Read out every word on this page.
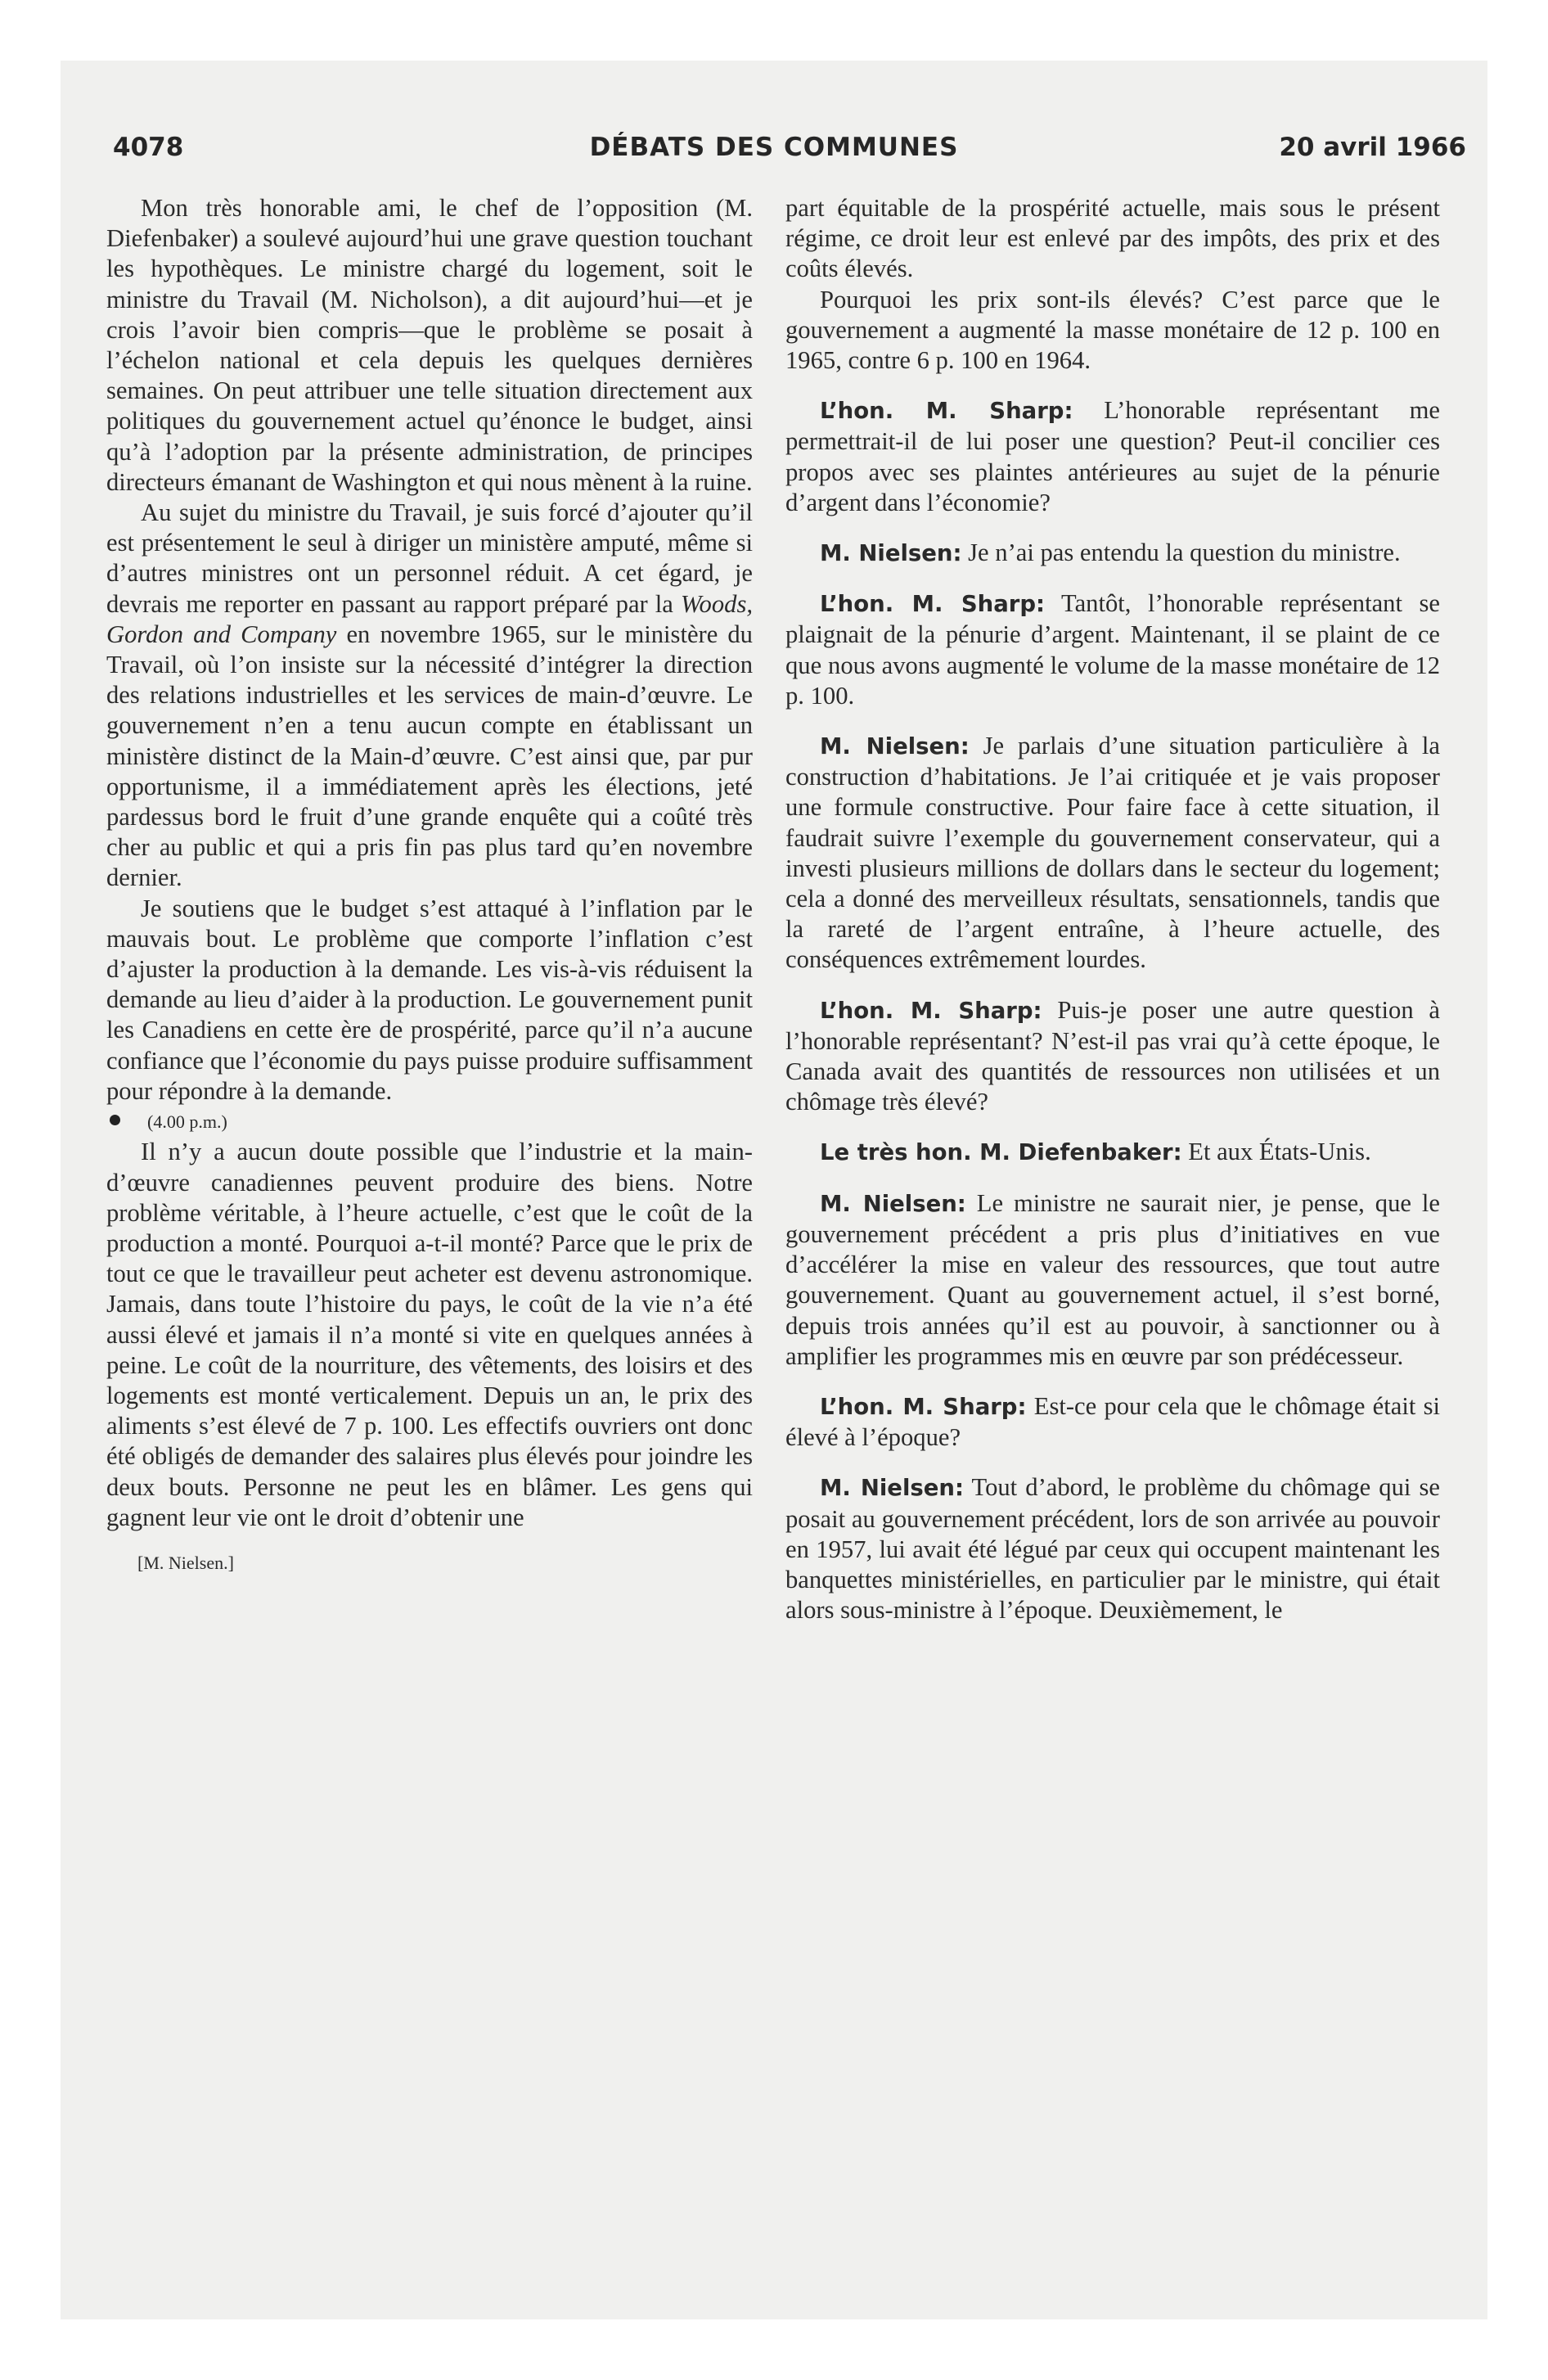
4078	DÉBATS DES COMMUNES	20 avril 1966

Mon très honorable ami, le chef de l’opposition (M. Diefenbaker) a soulevé aujourd’hui une grave question touchant les hypothèques. Le ministre chargé du logement, soit le ministre du Travail (M. Nicholson), a dit aujourd’hui—et je crois l’avoir bien compris—que le problème se posait à l’échelon national et cela depuis les quelques dernières semaines. On peut attribuer une telle situation directement aux politiques du gouvernement actuel qu’énonce le budget, ainsi qu’à l’adoption par la présente administration, de principes directeurs émanant de Washington et qui nous mènent à la ruine.

Au sujet du ministre du Travail, je suis forcé d’ajouter qu’il est présentement le seul à diriger un ministère amputé, même si d’autres ministres ont un personnel réduit. A cet égard, je devrais me reporter en passant au rapport préparé par la Woods, Gordon and Company en novembre 1965, sur le ministère du Travail, où l’on insiste sur la nécessité d’intégrer la direction des relations industrielles et les services de main-d’œuvre. Le gouvernement n’en a tenu aucun compte en établissant un ministère distinct de la Main-d’œuvre. C’est ainsi que, par pur opportunisme, il a immédiatement après les élections, jeté pardessus bord le fruit d’une grande enquête qui a coûté très cher au public et qui a pris fin pas plus tard qu’en novembre dernier.

Je soutiens que le budget s’est attaqué à l’inflation par le mauvais bout. Le problème que comporte l’inflation c’est d’ajuster la production à la demande. Les vis-à-vis réduisent la demande au lieu d’aider à la production. Le gouvernement punit les Canadiens en cette ère de prospérité, parce qu’il n’a aucune confiance que l’économie du pays puisse produire suffisamment pour répondre à la demande.

(4.00 p.m.)

Il n’y a aucun doute possible que l’industrie et la main-d’œuvre canadiennes peuvent produire des biens. Notre problème véritable, à l’heure actuelle, c’est que le coût de la production a monté. Pourquoi a-t-il monté? Parce que le prix de tout ce que le travailleur peut acheter est devenu astronomique. Jamais, dans toute l’histoire du pays, le coût de la vie n’a été aussi élevé et jamais il n’a monté si vite en quelques années à peine. Le coût de la nourriture, des vêtements, des loisirs et des logements est monté verticalement. Depuis un an, le prix des aliments s’est élevé de 7 p. 100. Les effectifs ouvriers ont donc été obligés de demander des salaires plus élevés pour joindre les deux bouts. Personne ne peut les en blâmer. Les gens qui gagnent leur vie ont le droit d’obtenir une

[M. Nielsen.]

part équitable de la prospérité actuelle, mais sous le présent régime, ce droit leur est enlevé par des impôts, des prix et des coûts élevés.

Pourquoi les prix sont-ils élevés? C’est parce que le gouvernement a augmenté la masse monétaire de 12 p. 100 en 1965, contre 6 p. 100 en 1964.

L’hon. M. Sharp: L’honorable représentant me permettrait-il de lui poser une question? Peut-il concilier ces propos avec ses plaintes antérieures au sujet de la pénurie d’argent dans l’économie?

M. Nielsen: Je n’ai pas entendu la question du ministre.

L’hon. M. Sharp: Tantôt, l’honorable représentant se plaignait de la pénurie d’argent. Maintenant, il se plaint de ce que nous avons augmenté le volume de la masse monétaire de 12 p. 100.

M. Nielsen: Je parlais d’une situation particulière à la construction d’habitations. Je l’ai critiquée et je vais proposer une formule constructive. Pour faire face à cette situation, il faudrait suivre l’exemple du gouvernement conservateur, qui a investi plusieurs millions de dollars dans le secteur du logement; cela a donné des merveilleux résultats, sensationnels, tandis que la rareté de l’argent entraîne, à l’heure actuelle, des conséquences extrêmement lourdes.

L’hon. M. Sharp: Puis-je poser une autre question à l’honorable représentant? N’est-il pas vrai qu’à cette époque, le Canada avait des quantités de ressources non utilisées et un chômage très élevé?

Le très hon. M. Diefenbaker: Et aux États-Unis.

M. Nielsen: Le ministre ne saurait nier, je pense, que le gouvernement précédent a pris plus d’initiatives en vue d’accélérer la mise en valeur des ressources, que tout autre gouvernement. Quant au gouvernement actuel, il s’est borné, depuis trois années qu’il est au pouvoir, à sanctionner ou à amplifier les programmes mis en œuvre par son prédécesseur.

L’hon. M. Sharp: Est-ce pour cela que le chômage était si élevé à l’époque?

M. Nielsen: Tout d’abord, le problème du chômage qui se posait au gouvernement précédent, lors de son arrivée au pouvoir en 1957, lui avait été légué par ceux qui occupent maintenant les banquettes ministérielles, en particulier par le ministre, qui était alors sous-ministre à l’époque. Deuxièmement, le
